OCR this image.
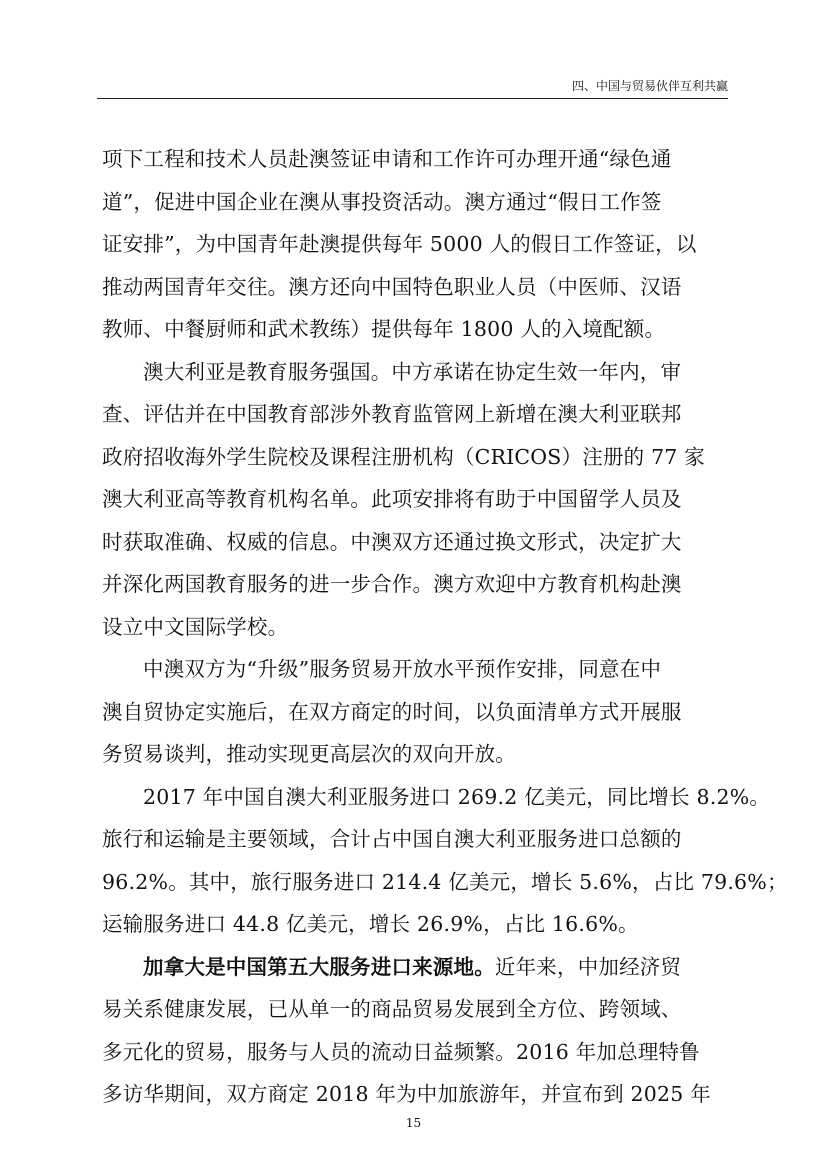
四、中国与贸易伙伴互利共赢
项下工程和技术人员赴澳签证申请和工作许可办理开通“绿色通
道”，促进中国企业在澳从事投资活动。澳方通过“假日工作签
证安排”，为中国青年赴澳提供每年 5000 人的假日工作签证，以
推动两国青年交往。澳方还向中国特色职业人员（中医师、汉语
教师、中餐厨师和武术教练）提供每年 1800 人的入境配额。
澳大利亚是教育服务强国。中方承诺在协定生效一年内，审
查、评估并在中国教育部涉外教育监管网上新增在澳大利亚联邦
政府招收海外学生院校及课程注册机构（CRICOS）注册的 77 家
澳大利亚高等教育机构名单。此项安排将有助于中国留学人员及
时获取准确、权威的信息。中澳双方还通过换文形式，决定扩大
并深化两国教育服务的进一步合作。澳方欢迎中方教育机构赴澳
设立中文国际学校。
中澳双方为“升级”服务贸易开放水平预作安排，同意在中
澳自贸协定实施后，在双方商定的时间，以负面清单方式开展服
务贸易谈判，推动实现更高层次的双向开放。
2017 年中国自澳大利亚服务进口 269.2 亿美元，同比增长 8.2%。
旅行和运输是主要领域，合计占中国自澳大利亚服务进口总额的
96.2%。其中，旅行服务进口 214.4 亿美元，增长 5.6%，占比 79.6%；
运输服务进口 44.8 亿美元，增长 26.9%，占比 16.6%。
加拿大是中国第五大服务进口来源地。近年来，中加经济贸
易关系健康发展，已从单一的商品贸易发展到全方位、跨领域、
多元化的贸易，服务与人员的流动日益频繁。2016 年加总理特鲁
多访华期间，双方商定 2018 年为中加旅游年，并宣布到 2025 年
15
